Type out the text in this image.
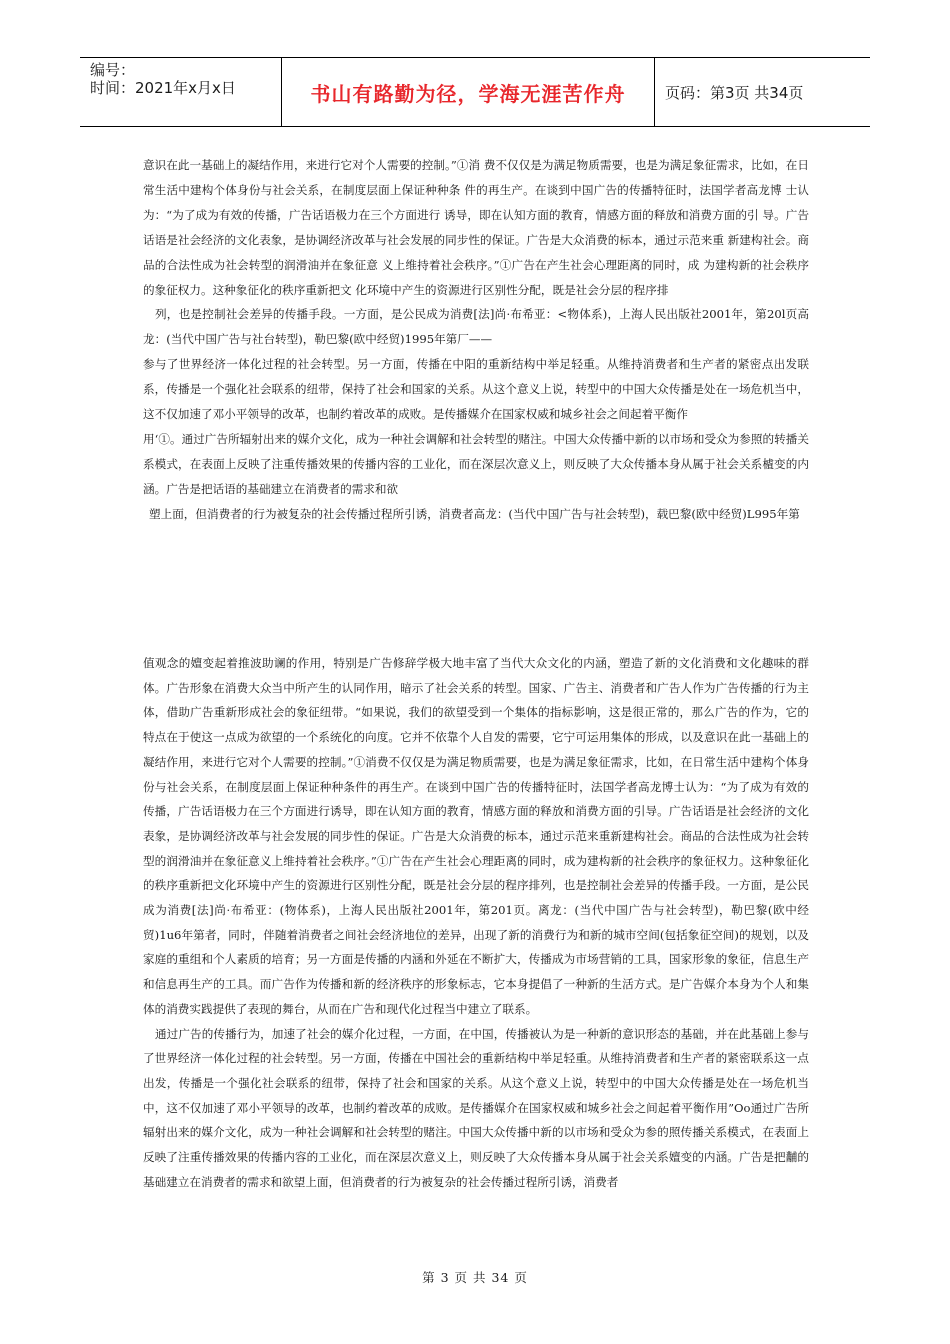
编号：
时间：2021年x月x日	书山有路勤为径，学海无涯苦作舟	页码：第3页 共34页

意识在此一基础上的凝结作用，来进行它对个人需要的控制。”①消 费不仅仅是为满足物质需要，也是为满足象征需求，比如，在日 常生活中建构个体身份与社会关系，在制度层面上保证种种条 件的再生产。在谈到中国广告的传播特征时，法国学者高龙博 士认为：“为了成为有效的传播，广告话语极力在三个方面进行 诱导，即在认知方面的教育，情感方面的释放和消费方面的引 导。广告话语是社会经济的文化表象，是协调经济改革与社会发展的同步性的保证。广告是大众消费的标本，通过示范来重 新建构社会。商品的合法性成为社会转型的润滑油并在象征意 义上维持着社会秩序。”①广告在产生社会心理距离的同时，成 为建构新的社会秩序的象征权力。这种象征化的秩序重新把文 化环境中产生的资源进行区别性分配，既是社会分层的程序排

列，也是控制社会差异的传播手段。一方面，是公民成为消费[法]尚·布希亚：<物体系)，上海人民出版社2001年，第20l页高龙：(当代中国广告与社台转型)，勒巴黎(欧中经贸)1995年第厂——

参与了世界经济一体化过程的社会转型。另一方面，传播在中阳的重新结构中举足轻重。从维持消费者和生产者的紧密点出发联系，传播是一个强化社会联系的纽带，保持了社会和国家的关系。从这个意义上说，转型中的中国大众传播是处在一场危机当中，这不仅加速了邓小平领导的改革，也制约着改革的成败。是传播媒介在国家权威和城乡社会之间起着平衡作

用‘①。通过广告所辐射出来的媒介文化，成为一种社会调解和社会转型的赌注。中国大众传播中新的以市场和受众为参照的转播关系模式，在表面上反映了注重传播效果的传播内容的工业化，而在深层次意义上，则反映了大众传播本身从属于社会关系樝变的内涵。广告是把话语的基础建立在消费者的需求和欲

塑上面，但消费者的行为被复杂的社会传播过程所引诱，消费者高龙：(当代中国广告与社会转型)，载巴黎(欧中经贸)L995年第

值观念的嬗变起着推波助谰的作用，特别是广告修辞学极大地丰富了当代大众文化的内涵，塑造了新的文化消费和文化趣味的群体。广告形象在消费大众当中所产生的认同作用，暗示了社会关系的转型。国家、广告主、消费者和广告人作为广告传播的行为主体，借助广告重新形成社会的象征纽带。“如果说，我们的欲望受到一个集体的指标影响，这是很正常的，那么广告的作为，它的特点在于使这一点成为欲望的一个系统化的向度。它并不依靠个人自发的需要，它宁可运用集体的形成，以及意识在此一基础上的凝结作用，来进行它对个人需要的控制。”①消费不仅仅是为满足物质需要，也是为满足象征需求，比如，在日常生活中建构个体身份与社会关系，在制度层面上保证种种条件的再生产。在谈到中国广告的传播特征时，法国学者高龙博士认为：“为了成为有效的传播，广告话语极力在三个方面进行诱导，即在认知方面的教育，情感方面的释放和消费方面的引导。广告话语是社会经济的文化表象，是协调经济改革与社会发展的同步性的保证。广告是大众消费的标本，通过示范来重新建构社会。商品的合法性成为社会转型的润滑油并在象征意义上维持着社会秩序。”①广告在产生社会心理距离的同时，成为建构新的社会秩序的象征权力。这种象征化的秩序重新把文化环境中产生的资源进行区别性分配，既是社会分层的程序排列，也是控制社会差异的传播手段。一方面，是公民成为消费[法]尚·布希亚：(物体系)，上海人民出版社2001年，第201页。离龙：(当代中国广告与社会转型)，勒巴黎(欧中经贸)1u6年第者，同时，伴随着消费者之间社会经济地位的差异，出现了新的消费行为和新的城市空间(包括象征空间)的规划，以及家庭的重组和个人素质的培育；另一方面是传播的内涵和外延在不断扩大，传播成为市场营销的工具，国家形象的象征，信息生产和信息再生产的工具。而广告作为传播和新的经济秩序的形象标志，它本身提倡了一种新的生活方式。是广告媒介本身为个人和集体的消费实践提供了表现的舞台，从而在广告和现代化过程当中建立了联系。

通过广告的传播行为，加速了社会的媒介化过程，一方面，在中国，传播被认为是一种新的意识形态的基础，并在此基础上参与了世界经济一体化过程的社会转型。另一方面，传播在中国社会的重新结构中举足轻重。从维持消费者和生产者的紧密联系这一点出发，传播是一个强化社会联系的纽带，保持了社会和国家的关系。从这个意义上说，转型中的中国大众传播是处在一场危机当中，这不仅加速了邓小平领导的改革，也制约着改革的成败。是传播媒介在国家权威和城乡社会之间起着平衡作用”Oo通过广告所辐射出来的媒介文化，成为一种社会调解和社会转型的赌注。中国大众传播中新的以市场和受众为参的照传播关系模式，在表面上反映了注重传播效果的传播内容的工业化，而在深层次意义上，则反映了大众传播本身从属于社会关系嬗变的内涵。广告是把黼的基础建立在消费者的需求和欲望上面，但消费者的行为被复杂的社会传播过程所引诱，消费者

第 3 页 共 34 页
